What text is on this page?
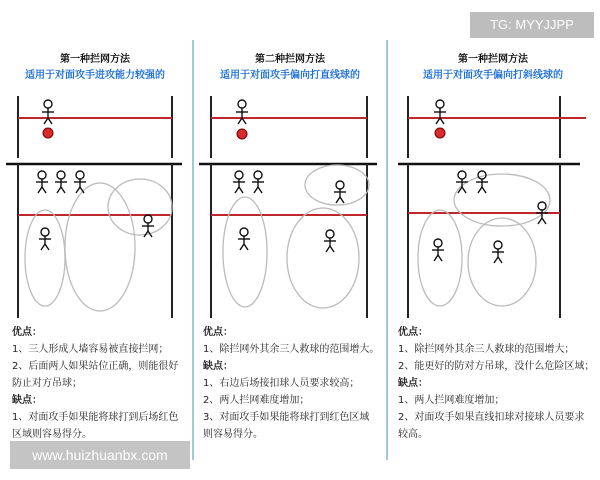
第一种拦网方法
适用于对面攻手进攻能力较强的
优点：
1、三人形成人墙容易被直接拦网；
2、后面两人如果站位正确，则能很好
防止对方吊球；
缺点：
1、对面攻手如果能将球打到后场红色
区域则容易得分。
第二种拦网方法
适用于对面攻手偏向打直线球的
优点：
1、除拦网外其余三人救球的范围增大。
缺点：
1、右边后场接扣球人员要求较高；
2、两人拦网难度增加；
3、对面攻手如果能将球打到红色区域
则容易得分。
第一种拦网方法
适用于对面攻手偏向打斜线球的
优点：
1、除拦网外其余三人救球的范围增大；
2、能更好的防对方吊球，没什么危险区域；
缺点：
1、两人拦网难度增加；
2、对面攻手如果直线扣球对接球人员要求
较高。
TG: MYYJJPP
www.huizhuanbx.com
